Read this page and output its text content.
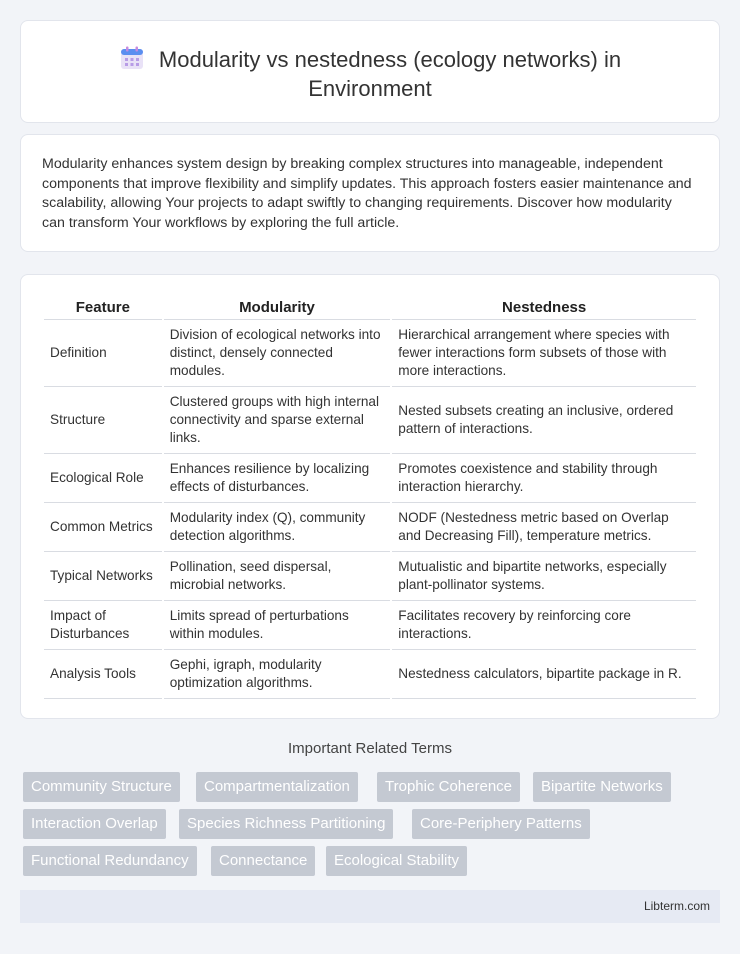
Modularity vs nestedness (ecology networks) in
Environment

Modularity enhances system design by breaking complex structures into manageable, independent components that improve flexibility and simplify updates. This approach fosters easier maintenance and scalability, allowing Your projects to adapt swiftly to changing requirements. Discover how modularity can transform Your workflows by exploring the full article.

Feature	Modularity	Nestedness
Definition	Division of ecological networks into distinct, densely connected modules.	Hierarchical arrangement where species with fewer interactions form subsets of those with more interactions.
Structure	Clustered groups with high internal connectivity and sparse external links.	Nested subsets creating an inclusive, ordered pattern of interactions.
Ecological Role	Enhances resilience by localizing effects of disturbances.	Promotes coexistence and stability through interaction hierarchy.
Common Metrics	Modularity index (Q), community detection algorithms.	NODF (Nestedness metric based on Overlap and Decreasing Fill), temperature metrics.
Typical Networks	Pollination, seed dispersal, microbial networks.	Mutualistic and bipartite networks, especially plant-pollinator systems.
Impact of Disturbances	Limits spread of perturbations within modules.	Facilitates recovery by reinforcing core interactions.
Analysis Tools	Gephi, igraph, modularity optimization algorithms.	Nestedness calculators, bipartite package in R.
Important Related Terms
Community Structure	Compartmentalization	Trophic Coherence	Bipartite Networks
Interaction Overlap	Species Richness Partitioning	Core-Periphery Patterns
Functional Redundancy	Connectance	Ecological Stability
Libterm.com
